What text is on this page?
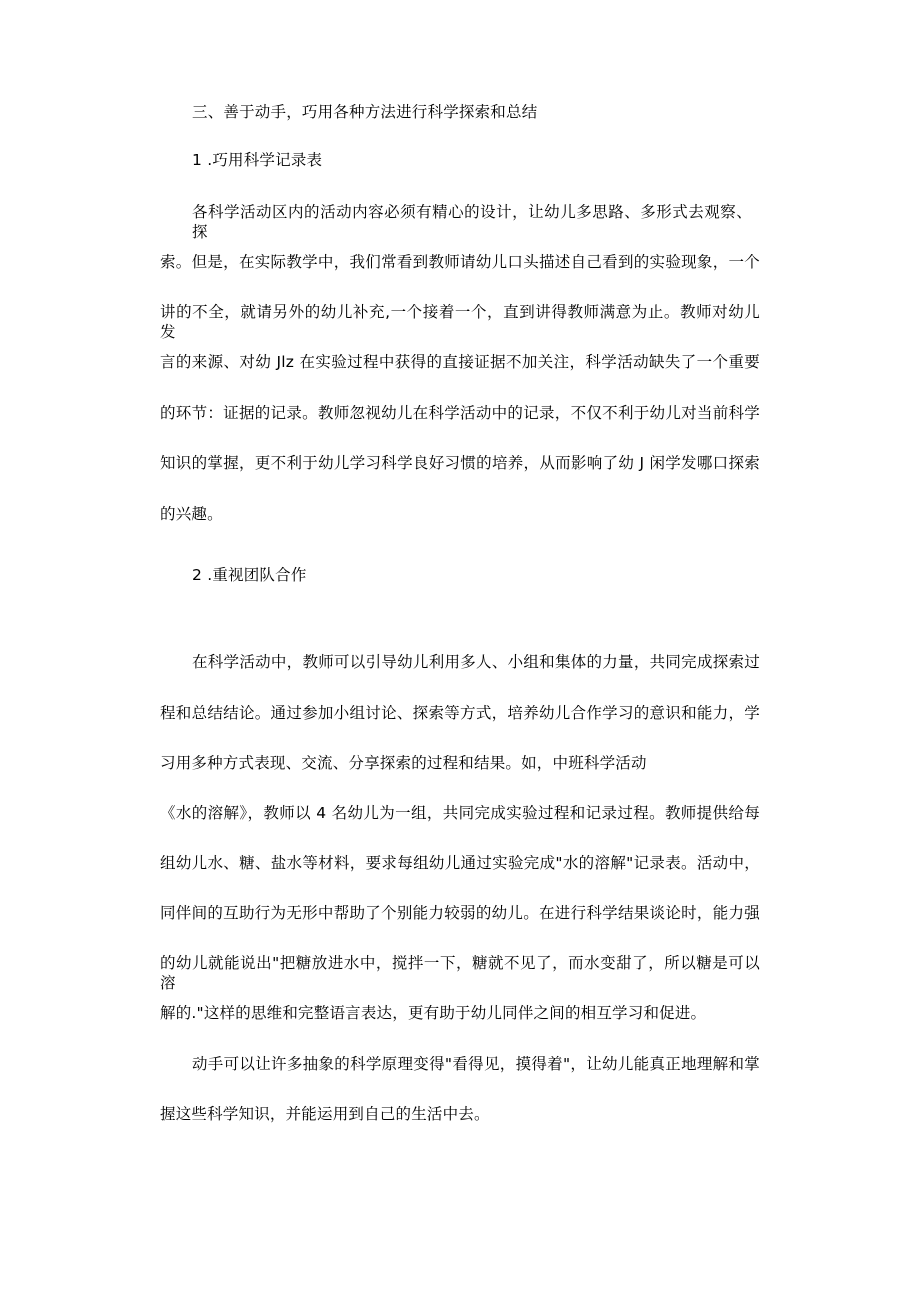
三、善于动手，巧用各种方法进行科学探索和总结
1 .巧用科学记录表
各科学活动区内的活动内容必须有精心的设计，让幼儿多思路、多形式去观察、探
索。但是，在实际教学中，我们常看到教师请幼儿口头描述自己看到的实验现象，一个
讲的不全，就请另外的幼儿补充,一个接着一个，直到讲得教师满意为止。教师对幼儿发
言的来源、对幼 Jlz 在实验过程中获得的直接证据不加关注，科学活动缺失了一个重要
的环节：证据的记录。教师忽视幼儿在科学活动中的记录，不仅不利于幼儿对当前科学
知识的掌握，更不利于幼儿学习科学良好习惯的培养，从而影响了幼 J 闲学发哪口探索
的兴趣。
2 .重视团队合作
在科学活动中，教师可以引导幼儿利用多人、小组和集体的力量，共同完成探索过
程和总结结论。通过参加小组讨论、探索等方式，培养幼儿合作学习的意识和能力，学
习用多种方式表现、交流、分享探索的过程和结果。如，中班科学活动
《水的溶解》，教师以 4 名幼儿为一组，共同完成实验过程和记录过程。教师提供给每
组幼儿水、糖、盐水等材料，要求每组幼儿通过实验完成"水的溶解"记录表。活动中，
同伴间的互助行为无形中帮助了个别能力较弱的幼儿。在进行科学结果谈论时，能力强
的幼儿就能说出"把糖放进水中，搅拌一下，糖就不见了，而水变甜了，所以糖是可以溶
解的."这样的思维和完整语言表达，更有助于幼儿同伴之间的相互学习和促进。
动手可以让许多抽象的科学原理变得"看得见，摸得着"，让幼儿能真正地理解和掌
握这些科学知识，并能运用到自己的生活中去。
